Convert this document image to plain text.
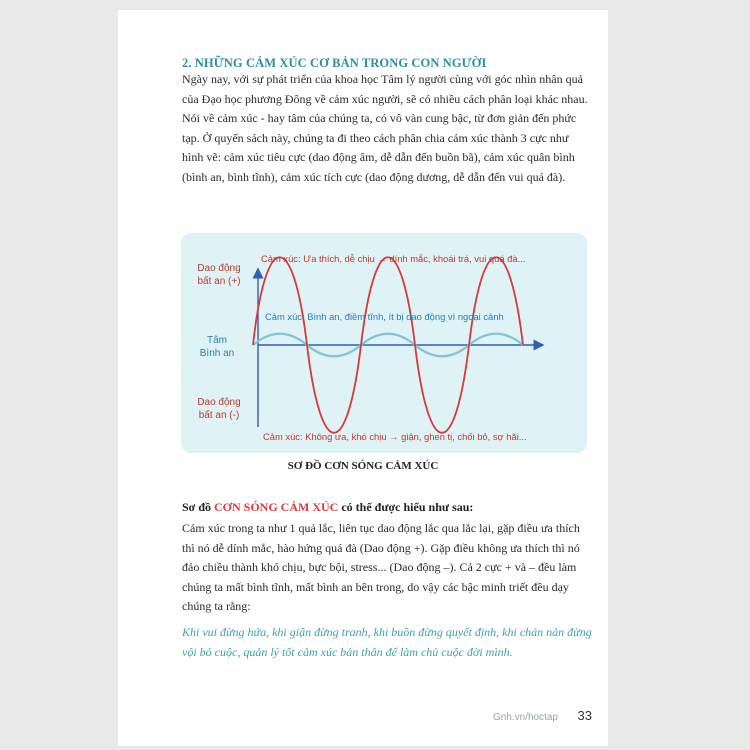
2. NHỮNG CẢM XÚC CƠ BẢN TRONG CON NGƯỜI

Ngày nay, với sự phát triển của khoa học Tâm lý người cùng với góc nhìn nhân quả của Đạo học phương Đông về cảm xúc người, sẽ có nhiều cách phân loại khác nhau. Nói về cảm xúc - hay tâm của chúng ta, có vô vàn cung bậc, từ đơn giản đến phức tạp. Ở quyển sách này, chúng ta đi theo cách phân chia cảm xúc thành 3 cực như hình vẽ: cảm xúc tiêu cực (dao động âm, dễ dẫn đến buồn bã), cảm xúc quân bình (bình an, bình tĩnh), cảm xúc tích cực (dao động dương, dễ dẫn đến vui quá đà).

Dao động
bất an (+)
Tâm
Bình an
Dao động
bất an (-)
Cảm xúc: Ưa thích, dễ chịu → dính mắc, khoái trá, vui quá đà...
Cảm xúc: Bình an, điềm tĩnh, ít bị dao động vì ngoại cảnh
Cảm xúc: Không ưa, khó chịu → giận, ghen tị, chối bỏ, sợ hãi...
SƠ ĐỒ CƠN SÓNG CẢM XÚC
Sơ đồ CƠN SÓNG CẢM XÚC có thể được hiểu như sau:

Cảm xúc trong ta như 1 quả lắc, liên tục dao động lắc qua lắc lại, gặp điều ưa thích thì nó dễ dính mắc, hào hứng quá đà (Dao động +). Gặp điều không ưa thích thì nó đảo chiều thành khó chịu, bực bội, stress... (Dao động –). Cả 2 cực + và – đều làm chúng ta mất bình tĩnh, mất bình an bên trong, do vậy các bậc minh triết đều dạy chúng ta rằng:

Khi vui đừng hứa, khi giận đừng tranh, khi buồn đừng quyết định, khi chán nản đừng vội bỏ cuộc, quản lý tốt cảm xúc bản thân để làm chủ cuộc đời mình.

Gnh.vn/hoctap 33
